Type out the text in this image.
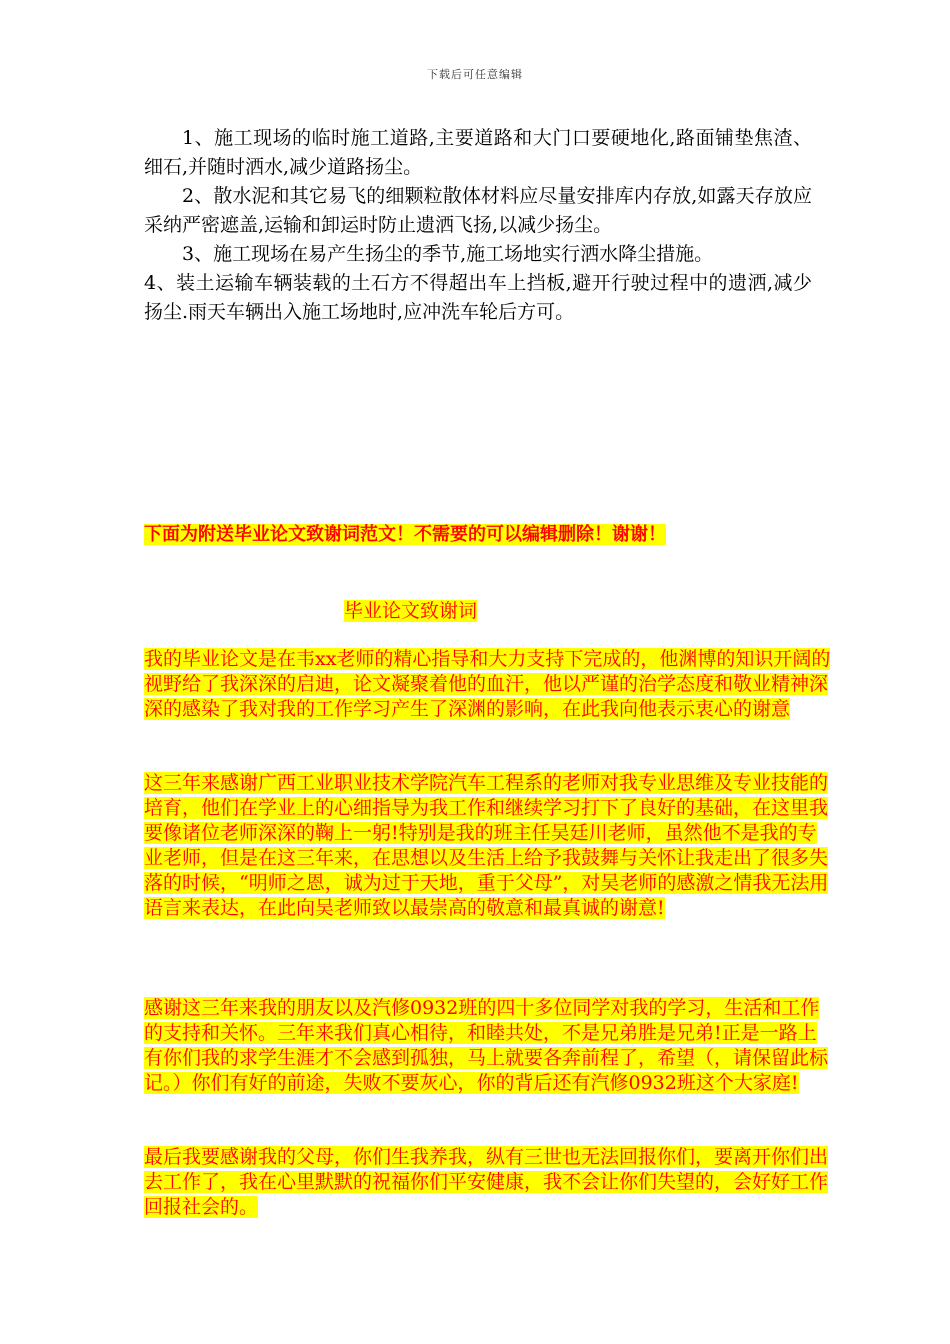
下载后可任意编辑

1、施工现场的临时施工道路,主要道路和大门口要硬地化,路面铺垫焦渣、细石,并随时洒水,减少道路扬尘。

2、散水泥和其它易飞的细颗粒散体材料应尽量安排库内存放,如露天存放应采纳严密遮盖,运输和卸运时防止遗洒飞扬,以减少扬尘。

3、施工现场在易产生扬尘的季节,施工场地实行洒水降尘措施。

4、装土运输车辆装载的土石方不得超出车上挡板,避开行驶过程中的遗洒,减少扬尘.雨天车辆出入施工场地时,应冲洗车轮后方可。

下面为附送毕业论文致谢词范文！不需要的可以编辑删除！谢谢！
毕业论文致谢词

我的毕业论文是在韦xx老师的精心指导和大力支持下完成的，他渊博的知识开阔的视野给了我深深的启迪，论文凝聚着他的血汗，他以严谨的治学态度和敬业精神深深的感染了我对我的工作学习产生了深渊的影响，在此我向他表示衷心的谢意

这三年来感谢广西工业职业技术学院汽车工程系的老师对我专业思维及专业技能的培育，他们在学业上的心细指导为我工作和继续学习打下了良好的基础，在这里我要像诸位老师深深的鞠上一躬!特别是我的班主任吴廷川老师，虽然他不是我的专业老师，但是在这三年来，在思想以及生活上给予我鼓舞与关怀让我走出了很多失落的时候，“明师之恩，诚为过于天地，重于父母”，对吴老师的感激之情我无法用语言来表达，在此向吴老师致以最崇高的敬意和最真诚的谢意!

感谢这三年来我的朋友以及汽修0932班的四十多位同学对我的学习，生活和工作的支持和关怀。三年来我们真心相待，和睦共处，不是兄弟胜是兄弟!正是一路上有你们我的求学生涯才不会感到孤独，马上就要各奔前程了，希望（，请保留此标记。）你们有好的前途，失败不要灰心，你的背后还有汽修0932班这个大家庭!

最后我要感谢我的父母，你们生我养我，纵有三世也无法回报你们，要离开你们出去工作了，我在心里默默的祝福你们平安健康，我不会让你们失望的，会好好工作回报社会的。
